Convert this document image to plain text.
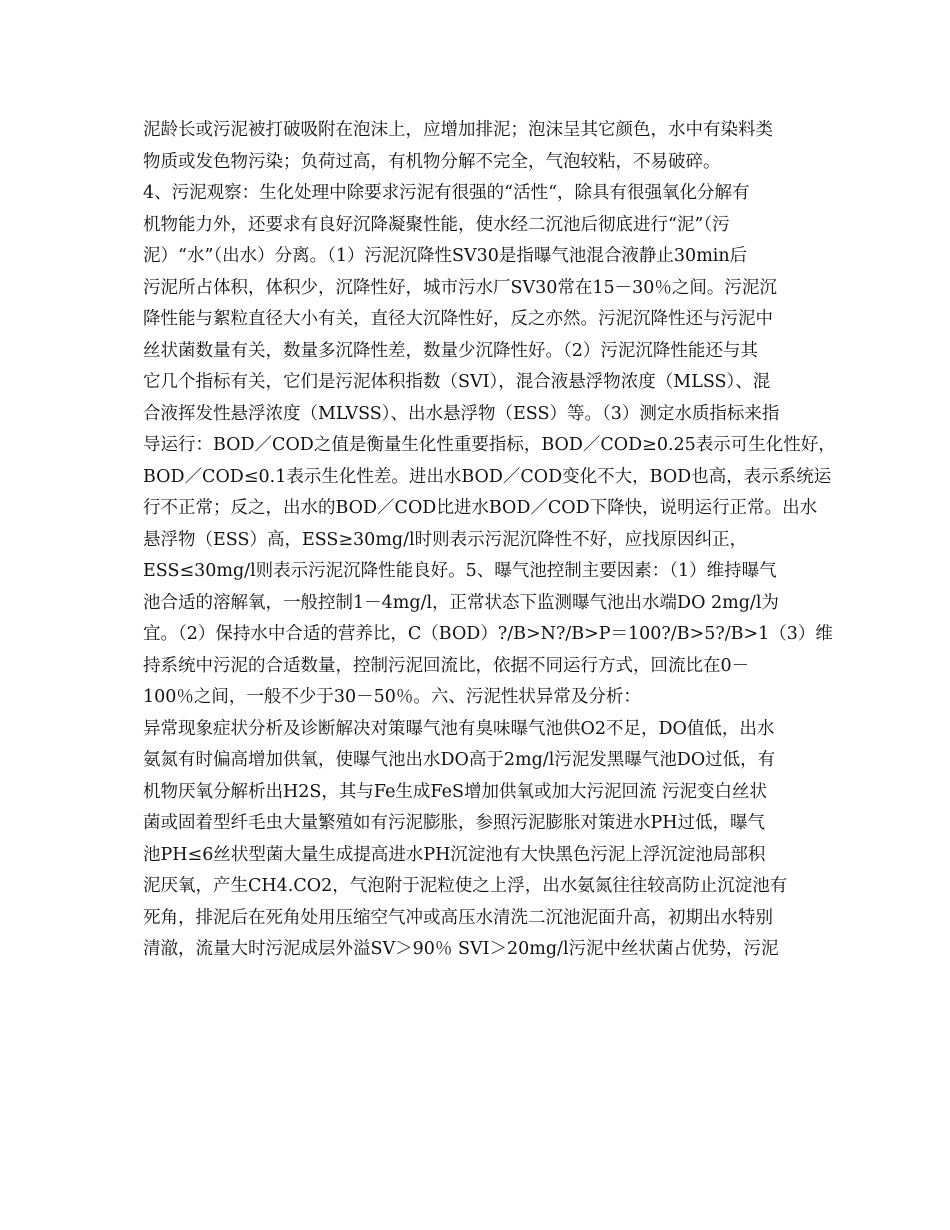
泥龄长或污泥被打破吸附在泡沫上，应增加排泥；泡沫呈其它颜色，水中有染料类
物质或发色物污染；负荷过高，有机物分解不完全，气泡较粘，不易破碎。
4、污泥观察：生化处理中除要求污泥有很强的“活性“，除具有很强氧化分解有
机物能力外，还要求有良好沉降凝聚性能，使水经二沉池后彻底进行“泥”（污
泥）“水”（出水）分离。（1）污泥沉降性SV30是指曝气池混合液静止30min后
污泥所占体积，体积少，沉降性好，城市污水厂SV30常在15－30％之间。污泥沉
降性能与絮粒直径大小有关，直径大沉降性好，反之亦然。污泥沉降性还与污泥中
丝状菌数量有关，数量多沉降性差，数量少沉降性好。（2）污泥沉降性能还与其
它几个指标有关，它们是污泥体积指数（SVI），混合液悬浮物浓度（MLSS）、混
合液挥发性悬浮浓度（MLVSS）、出水悬浮物（ESS）等。（3）测定水质指标来指
导运行：BOD／COD之值是衡量生化性重要指标，BOD／COD≥0.25表示可生化性好，
BOD／COD≤0.1表示生化性差。进出水BOD／COD变化不大，BOD也高，表示系统运
行不正常；反之，出水的BOD／COD比进水BOD／COD下降快，说明运行正常。出水
悬浮物（ESS）高，ESS≥30mg/l时则表示污泥沉降性不好，应找原因纠正，
ESS≤30mg/l则表示污泥沉降性能良好。5、曝气池控制主要因素：（1）维持曝气
池合适的溶解氧，一般控制1－4mg/l，正常状态下监测曝气池出水端DO 2mg/l为
宜。（2）保持水中合适的营养比，C（BOD）?/B>N?/B>P＝100?/B>5?/B>1（3）维
持系统中污泥的合适数量，控制污泥回流比，依据不同运行方式，回流比在0－
100％之间，一般不少于30－50％。六、污泥性状异常及分析：
异常现象症状分析及诊断解决对策曝气池有臭味曝气池供O2不足，DO值低，出水
氨氮有时偏高增加供氧，使曝气池出水DO高于2mg/l污泥发黑曝气池DO过低，有
机物厌氧分解析出H2S，其与Fe生成FeS增加供氧或加大污泥回流 污泥变白丝状
菌或固着型纤毛虫大量繁殖如有污泥膨胀，参照污泥膨胀对策进水PH过低，曝气
池PH≤6丝状型菌大量生成提高进水PH沉淀池有大快黑色污泥上浮沉淀池局部积
泥厌氧，产生CH4.CO2，气泡附于泥粒使之上浮，出水氨氮往往较高防止沉淀池有
死角，排泥后在死角处用压缩空气冲或高压水清洗二沉池泥面升高，初期出水特别
清澈，流量大时污泥成层外溢SV＞90％ SVI＞20mg/l污泥中丝状菌占优势，污泥
